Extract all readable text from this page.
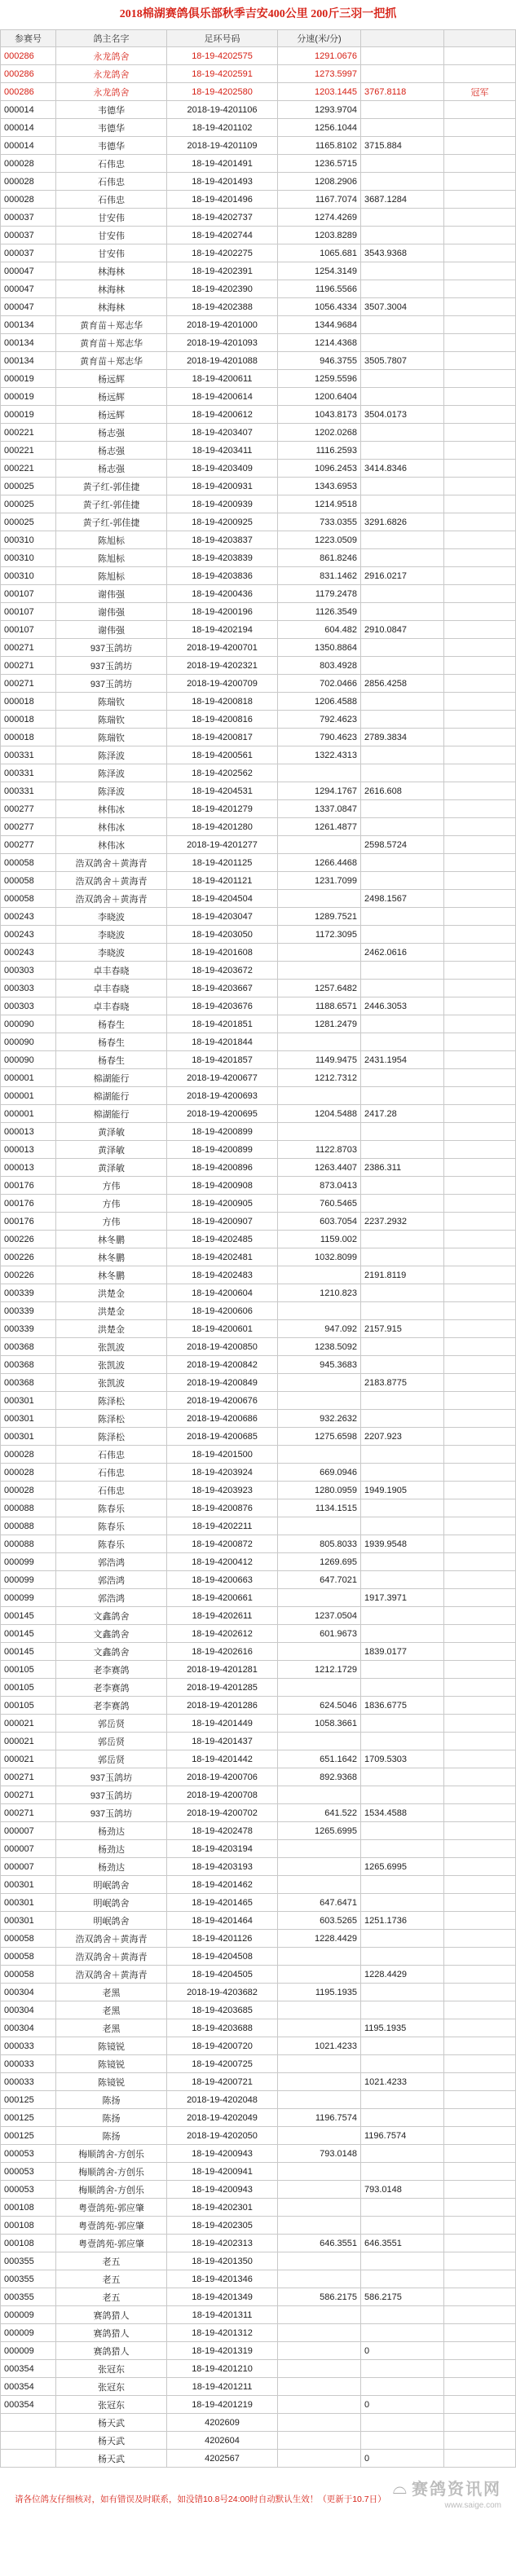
2018棉湖赛鸽俱乐部秋季吉安400公里 200斤三羽一把抓
参赛号	鸽主名字	足环号码	分速(米/分)		
000286	永龙鸽舍	18-19-4202575	1291.0676		
000286	永龙鸽舍	18-19-4202591	1273.5997		
000286	永龙鸽舍	18-19-4202580	1203.1445	3767.8118	冠军
000014	韦德华	2018-19-4201106	1293.9704		
000014	韦德华	18-19-4201102	1256.1044		
000014	韦德华	2018-19-4201109	1165.8102	3715.884	
000028	石伟忠	18-19-4201491	1236.5715		
000028	石伟忠	18-19-4201493	1208.2906		
000028	石伟忠	18-19-4201496	1167.7074	3687.1284	
000037	甘安伟	18-19-4202737	1274.4269		
000037	甘安伟	18-19-4202744	1203.8289		
000037	甘安伟	18-19-4202275	1065.681	3543.9368	
000047	林海林	18-19-4202391	1254.3149		
000047	林海林	18-19-4202390	1196.5566		
000047	林海林	18-19-4202388	1056.4334	3507.3004	
000134	黄育苗＋郑志华	2018-19-4201000	1344.9684		
000134	黄育苗＋郑志华	2018-19-4201093	1214.4368		
000134	黄育苗＋郑志华	2018-19-4201088	946.3755	3505.7807	
000019	杨远辉	18-19-4200611	1259.5596		
000019	杨远辉	18-19-4200614	1200.6404		
000019	杨远辉	18-19-4200612	1043.8173	3504.0173	
000221	杨志强	18-19-4203407	1202.0268		
000221	杨志强	18-19-4203411	1116.2593		
000221	杨志强	18-19-4203409	1096.2453	3414.8346	
000025	黄子红-郭佳捷	18-19-4200931	1343.6953		
000025	黄子红-郭佳捷	18-19-4200939	1214.9518		
000025	黄子红-郭佳捷	18-19-4200925	733.0355	3291.6826	
000310	陈旭标	18-19-4203837	1223.0509		
000310	陈旭标	18-19-4203839	861.8246		
000310	陈旭标	18-19-4203836	831.1462	2916.0217	
000107	谢伟强	18-19-4200436	1179.2478		
000107	谢伟强	18-19-4200196	1126.3549		
000107	谢伟强	18-19-4202194	604.482	2910.0847	
000271	937玉鸽坊	2018-19-4200701	1350.8864		
000271	937玉鸽坊	2018-19-4202321	803.4928		
000271	937玉鸽坊	2018-19-4200709	702.0466	2856.4258	
000018	陈瑞钦	18-19-4200818	1206.4588		
000018	陈瑞钦	18-19-4200816	792.4623		
000018	陈瑞钦	18-19-4200817	790.4623	2789.3834	
000331	陈泽波	18-19-4200561	1322.4313		
000331	陈泽波	18-19-4202562			
000331	陈泽波	18-19-4204531	1294.1767	2616.608	
000277	林伟冰	18-19-4201279	1337.0847		
000277	林伟冰	18-19-4201280	1261.4877		
000277	林伟冰	2018-19-4201277		2598.5724	
000058	浩双鸽舍＋黄海青	18-19-4201125	1266.4468		
000058	浩双鸽舍＋黄海青	18-19-4201121	1231.7099		
000058	浩双鸽舍＋黄海青	18-19-4204504		2498.1567	
000243	李晓波	18-19-4203047	1289.7521		
000243	李晓波	18-19-4203050	1172.3095		
000243	李晓波	18-19-4201608		2462.0616	
000303	卓丰春晓	18-19-4203672			
000303	卓丰春晓	18-19-4203667	1257.6482		
000303	卓丰春晓	18-19-4203676	1188.6571	2446.3053	
000090	杨春生	18-19-4201851	1281.2479		
000090	杨春生	18-19-4201844			
000090	杨春生	18-19-4201857	1149.9475	2431.1954	
000001	棉湖能行	2018-19-4200677	1212.7312		
000001	棉湖能行	2018-19-4200693			
000001	棉湖能行	2018-19-4200695	1204.5488	2417.28	
000013	黄泽敏	18-19-4200899			
000013	黄泽敏	18-19-4200899	1122.8703		
000013	黄泽敏	18-19-4200896	1263.4407	2386.311	
000176	方伟	18-19-4200908	873.0413		
000176	方伟	18-19-4200905	760.5465		
000176	方伟	18-19-4200907	603.7054	2237.2932	
000226	林冬鹏	18-19-4202485	1159.002		
000226	林冬鹏	18-19-4202481	1032.8099		
000226	林冬鹏	18-19-4202483		2191.8119	
000339	洪楚金	18-19-4200604	1210.823		
000339	洪楚金	18-19-4200606			
000339	洪楚金	18-19-4200601	947.092	2157.915	
000368	张凯波	2018-19-4200850	1238.5092		
000368	张凯波	2018-19-4200842	945.3683		
000368	张凯波	2018-19-4200849		2183.8775	
000301	陈泽松	2018-19-4200676			
000301	陈泽松	2018-19-4200686	932.2632		
000301	陈泽松	2018-19-4200685	1275.6598	2207.923	
000028	石伟忠	18-19-4201500			
000028	石伟忠	18-19-4203924	669.0946		
000028	石伟忠	18-19-4203923	1280.0959	1949.1905	
000088	陈春乐	18-19-4200876	1134.1515		
000088	陈春乐	18-19-4202211			
000088	陈春乐	18-19-4200872	805.8033	1939.9548	
000099	郭浩鸿	18-19-4200412	1269.695		
000099	郭浩鸿	18-19-4200663	647.7021		
000099	郭浩鸿	18-19-4200661		1917.3971	
000145	文鑫鸽舍	18-19-4202611	1237.0504		
000145	文鑫鸽舍	18-19-4202612	601.9673		
000145	文鑫鸽舍	18-19-4202616		1839.0177	
000105	老李赛鸽	2018-19-4201281	1212.1729		
000105	老李赛鸽	2018-19-4201285			
000105	老李赛鸽	2018-19-4201286	624.5046	1836.6775	
000021	郭岳贤	18-19-4201449	1058.3661		
000021	郭岳贤	18-19-4201437			
000021	郭岳贤	18-19-4201442	651.1642	1709.5303	
000271	937玉鸽坊	2018-19-4200706	892.9368		
000271	937玉鸽坊	2018-19-4200708			
000271	937玉鸽坊	2018-19-4200702	641.522	1534.4588	
000007	杨劲达	18-19-4202478	1265.6995		
000007	杨劲达	18-19-4203194			
000007	杨劲达	18-19-4203193		1265.6995	
000301	明岷鸽舍	18-19-4201462			
000301	明岷鸽舍	18-19-4201465	647.6471		
000301	明岷鸽舍	18-19-4201464	603.5265	1251.1736	
000058	浩双鸽舍＋黄海青	18-19-4201126	1228.4429		
000058	浩双鸽舍＋黄海青	18-19-4204508			
000058	浩双鸽舍＋黄海青	18-19-4204505		1228.4429	
000304	老黑	2018-19-4203682	1195.1935		
000304	老黑	18-19-4203685			
000304	老黑	18-19-4203688		1195.1935	
000033	陈镜锐	18-19-4200720	1021.4233		
000033	陈镜锐	18-19-4200725			
000033	陈镜锐	18-19-4200721		1021.4233	
000125	陈扬	2018-19-4202048			
000125	陈扬	2018-19-4202049	1196.7574		
000125	陈扬	2018-19-4202050		1196.7574	
000053	梅顺鸽舍-方创乐	18-19-4200943	793.0148		
000053	梅顺鸽舍-方创乐	18-19-4200941			
000053	梅顺鸽舍-方创乐	18-19-4200943		793.0148	
000108	粤壹鸽苑-郭应肇	18-19-4202301			
000108	粤壹鸽苑-郭应肇	18-19-4202305			
000108	粤壹鸽苑-郭应肇	18-19-4202313	646.3551	646.3551	
000355	老五	18-19-4201350			
000355	老五	18-19-4201346			
000355	老五	18-19-4201349	586.2175	586.2175	
000009	赛鸽猎人	18-19-4201311			
000009	赛鸽猎人	18-19-4201312			
000009	赛鸽猎人	18-19-4201319		0	
000354	张冠东	18-19-4201210			
000354	张冠东	18-19-4201211			
000354	张冠东	18-19-4201219		0	
	杨天武	4202609			
	杨天武	4202604			
	杨天武	4202567		0	
请各位鸽友仔细核对，如有错误及时联系，如没错10.8号24:00时自动默认生效！（更新于10.7日）
⌓ 赛鸽资讯网
www.saige.com
